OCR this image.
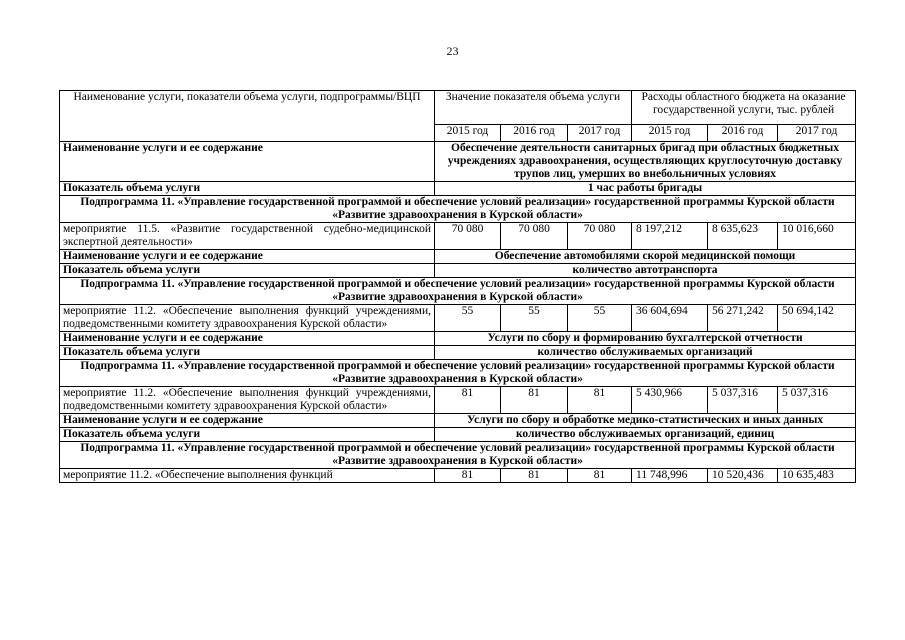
23
Наименование услуги, показатели объема услуги, подпрограммы/ВЦП	Значение показателя объема услуги			Расходы областного бюджета на оказание государственной услуги, тыс. рублей		
	2015 год	2016 год	2017 год	2015 год	2016 год	2017 год
Наименование услуги и ее содержание	Обеспечение деятельности санитарных бригад при областных бюджетных учреждениях здравоохранения, осуществляющих круглосуточную доставку трупов лиц, умерших во внебольничных условиях					
Показатель объема услуги	1 час работы бригады					
Подпрограмма 11. «Управление государственной программой и обеспечение условий реализации» государственной программы Курской области «Развитие здравоохранения в Курской области»						
мероприятие 11.5. «Развитие государственной судебно-медицинской экспертной деятельности»	70 080	70 080	70 080	8 197,212	8 635,623	10 016,660
Наименование услуги и ее содержание	Обеспечение автомобилями скорой медицинской помощи					
Показатель объема услуги	количество автотранспорта					
Подпрограмма 11. «Управление государственной программой и обеспечение условий реализации» государственной программы Курской области «Развитие здравоохранения в Курской области»						
мероприятие 11.2. «Обеспечение выполнения функций учреждениями, подведомственными комитету здравоохранения Курской области»	55	55	55	36 604,694	56 271,242	50 694,142
Наименование услуги и ее содержание	Услуги по сбору и формированию бухгалтерской отчетности					
Показатель объема услуги	количество обслуживаемых организаций					
Подпрограмма 11. «Управление государственной программой и обеспечение условий реализации» государственной программы Курской области «Развитие здравоохранения в Курской области»						
мероприятие 11.2. «Обеспечение выполнения функций учреждениями, подведомственными комитету здравоохранения Курской области»	81	81	81	5 430,966	5 037,316	5 037,316
Наименование услуги и ее содержание	Услуги по сбору и обработке медико-статистических и иных данных					
Показатель объема услуги	количество обслуживаемых организаций, единиц					
Подпрограмма 11. «Управление государственной программой и обеспечение условий реализации» государственной программы Курской области «Развитие здравоохранения в Курской области»						
мероприятие 11.2. «Обеспечение выполнения функций	81	81	81	11 748,996	10 520,436	10 635,483
